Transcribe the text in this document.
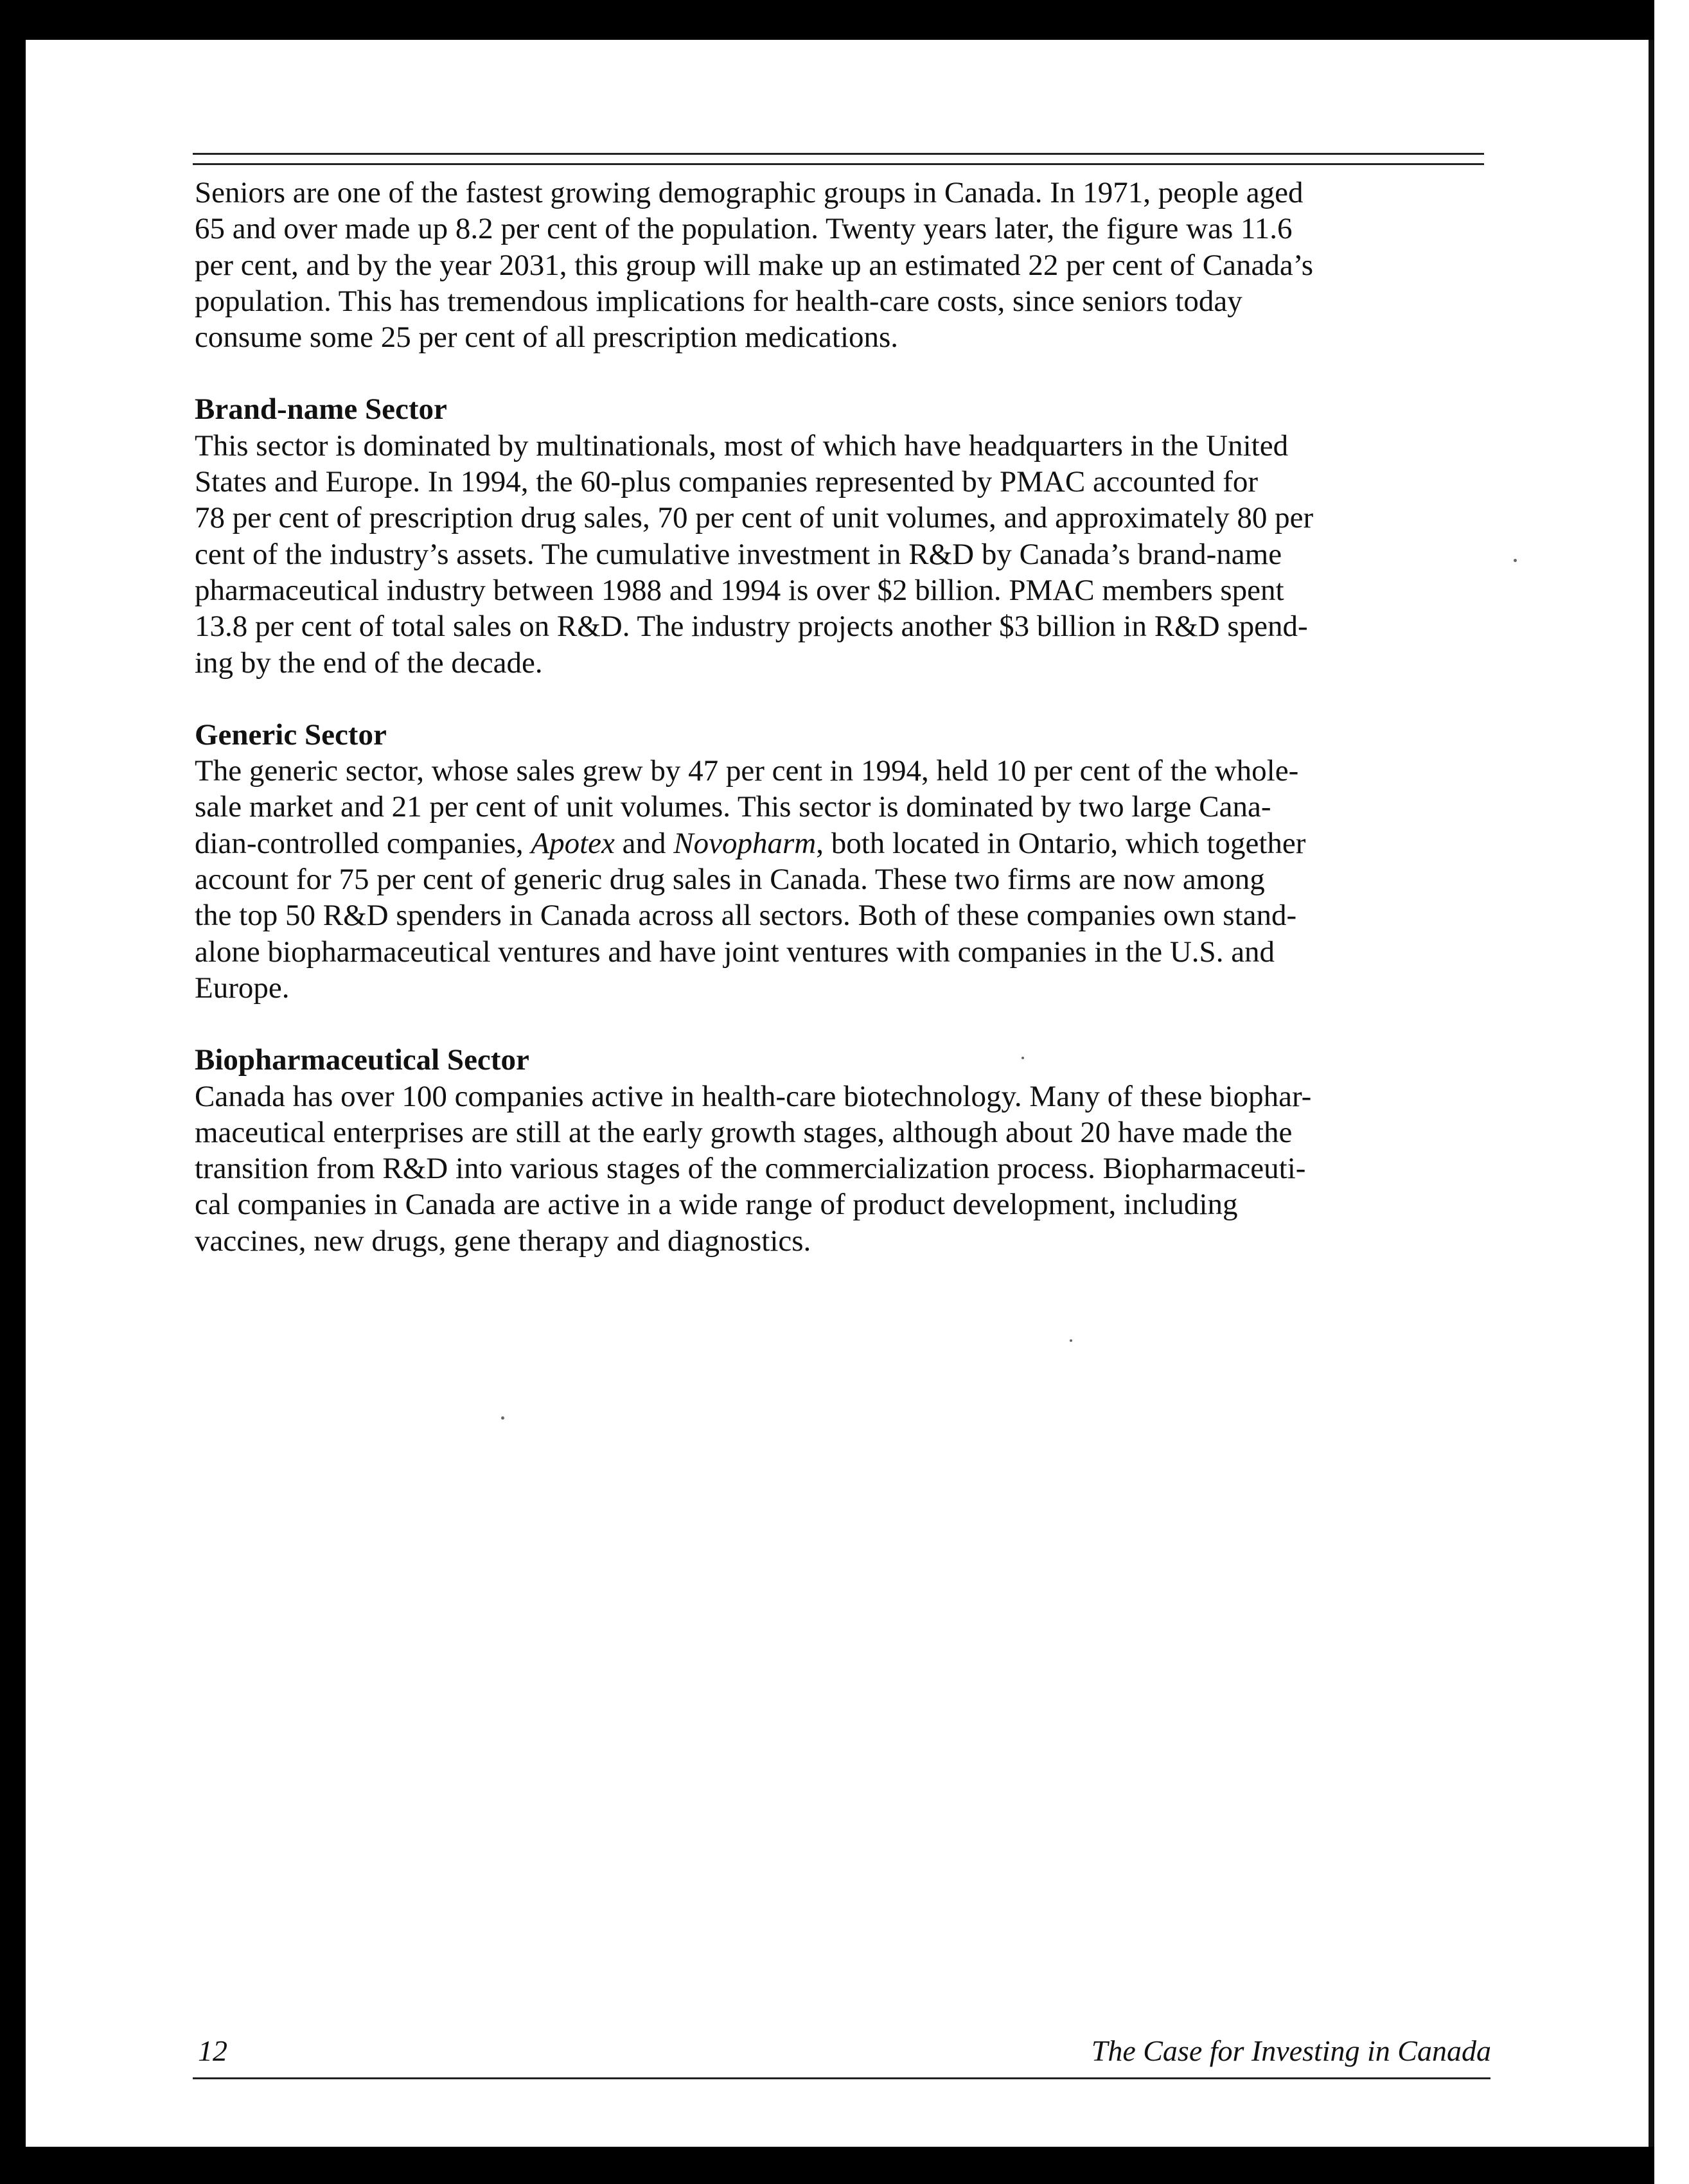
Seniors are one of the fastest growing demographic groups in Canada. In 1971, people aged
65 and over made up 8.2 per cent of the population. Twenty years later, the figure was 11.6
per cent, and by the year 2031, this group will make up an estimated 22 per cent of Canada’s
population. This has tremendous implications for health-care costs, since seniors today
consume some 25 per cent of all prescription medications.
Brand-name Sector
This sector is dominated by multinationals, most of which have headquarters in the United
States and Europe. In 1994, the 60-plus companies represented by PMAC accounted for
78 per cent of prescription drug sales, 70 per cent of unit volumes, and approximately 80 per
cent of the industry’s assets. The cumulative investment in R&D by Canada’s brand-name
pharmaceutical industry between 1988 and 1994 is over $2 billion. PMAC members spent
13.8 per cent of total sales on R&D. The industry projects another $3 billion in R&D spend-
ing by the end of the decade.
Generic Sector
The generic sector, whose sales grew by 47 per cent in 1994, held 10 per cent of the whole-
sale market and 21 per cent of unit volumes. This sector is dominated by two large Cana-
dian-controlled companies, Apotex and Novopharm, both located in Ontario, which together
account for 75 per cent of generic drug sales in Canada. These two firms are now among
the top 50 R&D spenders in Canada across all sectors. Both of these companies own stand-
alone biopharmaceutical ventures and have joint ventures with companies in the U.S. and
Europe.
Biopharmaceutical Sector
Canada has over 100 companies active in health-care biotechnology. Many of these biophar-
maceutical enterprises are still at the early growth stages, although about 20 have made the
transition from R&D into various stages of the commercialization process. Biopharmaceuti-
cal companies in Canada are active in a wide range of product development, including
vaccines, new drugs, gene therapy and diagnostics.
12	The Case for Investing in Canada
